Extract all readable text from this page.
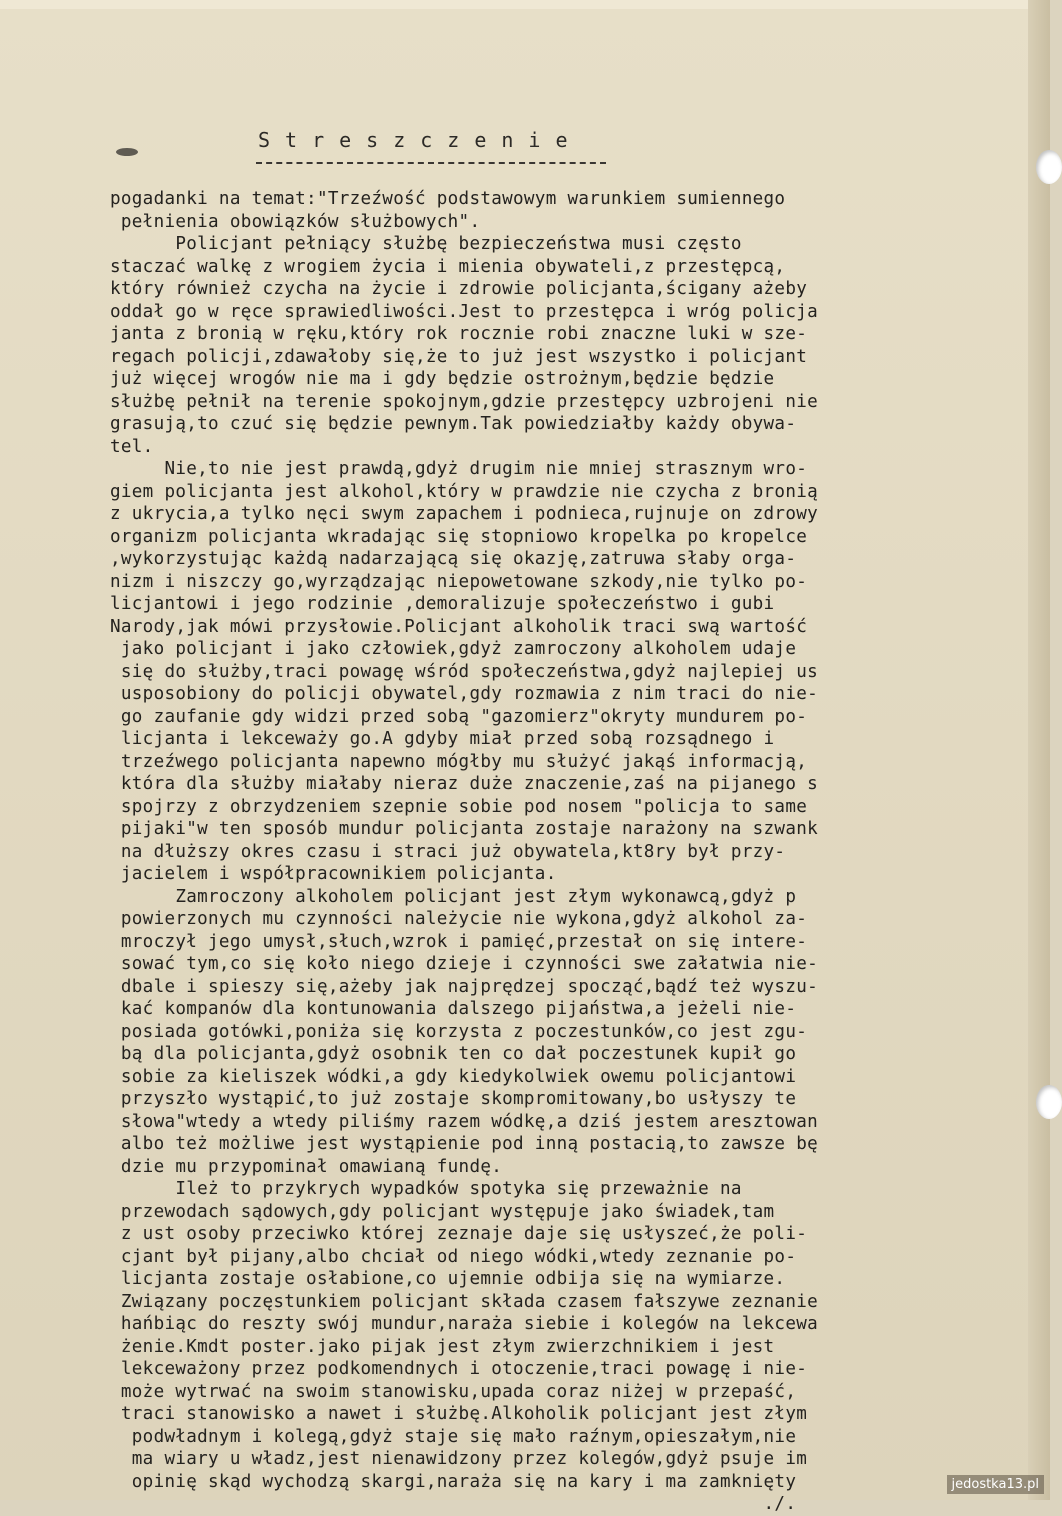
Streszczenie
pogadanki na temat:"Trzeźwość podstawowym warunkiem sumiennego
pełnienia obowiązków służbowych".
Policjant pełniący służbę bezpieczeństwa musi często
staczać walkę z wrogiem życia i mienia obywateli,z przestępcą,
który również czycha na życie i zdrowie policjanta,ścigany ażeby
oddał go w ręce sprawiedliwości.Jest to przestępca i wróg policja
janta z bronią w ręku,który rok rocznie robi znaczne luki w sze-
regach policji,zdawałoby się,że to już jest wszystko i policjant
już więcej wrogów nie ma i gdy będzie ostrożnym,będzie będzie
służbę pełnił na terenie spokojnym,gdzie przestępcy uzbrojeni nie
grasują,to czuć się będzie pewnym.Tak powiedziałby każdy obywa-
tel.
Nie,to nie jest prawdą,gdyż drugim nie mniej strasznym wro-
giem policjanta jest alkohol,który w prawdzie nie czycha z bronią
z ukrycia,a tylko nęci swym zapachem i podnieca,rujnuje on zdrowy
organizm policjanta wkradając się stopniowo kropelka po kropelce
,wykorzystując każdą nadarzającą się okazję,zatruwa słaby orga-
nizm i niszczy go,wyrządzając niepowetowane szkody,nie tylko po-
licjantowi i jego rodzinie ,demoralizuje społeczeństwo i gubi
Narody,jak mówi przysłowie.Policjant alkoholik traci swą wartość
jako policjant i jako człowiek,gdyż zamroczony alkoholem udaje
się do służby,traci powagę wśród społeczeństwa,gdyż najlepiej us
usposobiony do policji obywatel,gdy rozmawia z nim traci do nie-
go zaufanie gdy widzi przed sobą "gazomierz"okryty mundurem po-
licjanta i lekceważy go.A gdyby miał przed sobą rozsądnego i
trzeźwego policjanta napewno mógłby mu służyć jakąś informacją,
która dla służby miałaby nieraz duże znaczenie,zaś na pijanego s
spojrzy z obrzydzeniem szepnie sobie pod nosem "policja to same
pijaki"w ten sposób mundur policjanta zostaje narażony na szwank
na dłuższy okres czasu i straci już obywatela,kt8ry był przy-
jacielem i współpracownikiem policjanta.
Zamroczony alkoholem policjant jest złym wykonawcą,gdyż p
powierzonych mu czynności należycie nie wykona,gdyż alkohol za-
mroczył jego umysł,słuch,wzrok i pamięć,przestał on się intere-
sować tym,co się koło niego dzieje i czynności swe załatwia nie-
dbale i spieszy się,ażeby jak najprędzej spocząć,bądź też wyszu-
kać kompanów dla kontunowania dalszego pijaństwa,a jeżeli nie-
posiada gotówki,poniża się korzysta z poczestunków,co jest zgu-
bą dla policjanta,gdyż osobnik ten co dał poczestunek kupił go
sobie za kieliszek wódki,a gdy kiedykolwiek owemu policjantowi
przyszło wystąpić,to już zostaje skompromitowany,bo usłyszy te
słowa"wtedy a wtedy piliśmy razem wódkę,a dziś jestem aresztowan
albo też możliwe jest wystąpienie pod inną postacią,to zawsze bę
dzie mu przypominał omawianą fundę.
Ileż to przykrych wypadków spotyka się przeważnie na
przewodach sądowych,gdy policjant występuje jako świadek,tam
z ust osoby przeciwko której zeznaje daje się usłyszeć,że poli-
cjant był pijany,albo chciał od niego wódki,wtedy zeznanie po-
licjanta zostaje osłabione,co ujemnie odbija się na wymiarze.
Związany poczęstunkiem policjant składa czasem fałszywe zeznanie
hańbiąc do reszty swój mundur,naraża siebie i kolegów na lekcewa
żenie.Kmdt poster.jako pijak jest złym zwierzchnikiem i jest
lekceważony przez podkomendnych i otoczenie,traci powagę i nie-
może wytrwać na swoim stanowisku,upada coraz niżej w przepaść,
traci stanowisko a nawet i służbę.Alkoholik policjant jest złym
podwładnym i kolegą,gdyż staje się mało raźnym,opieszałym,nie
ma wiary u władz,jest nienawidzony przez kolegów,gdyż psuje im
opinię skąd wychodzą skargi,naraża się na kary i ma zamknięty
./.
jedostka13.pl
